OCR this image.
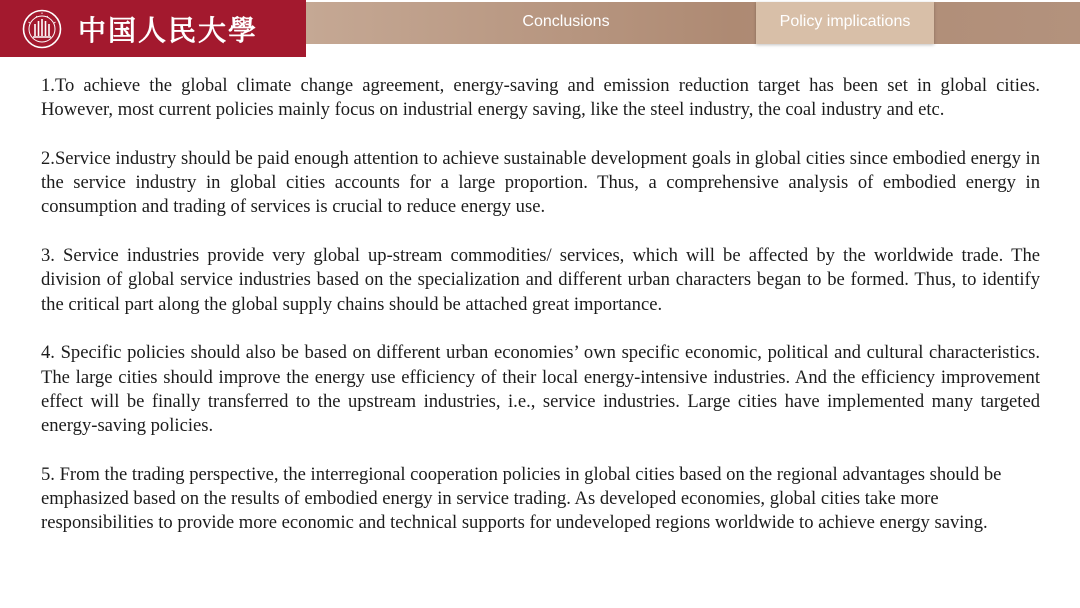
中国人民大學	Conclusions	Policy implications

1.To achieve the global climate change agreement, energy-saving and emission reduction target has been set in global cities. However, most current policies mainly focus on industrial energy saving, like the steel industry, the coal industry and etc.

2.Service industry should be paid enough attention to achieve sustainable development goals in global cities since embodied energy in the service industry in global cities accounts for a large proportion. Thus, a comprehensive analysis of embodied energy in consumption and trading of services is crucial to reduce energy use.

3. Service industries provide very global up-stream commodities/ services, which will be affected by the worldwide trade. The division of global service industries based on the specialization and different urban characters began to be formed. Thus, to identify the critical part along the global supply chains should be attached great importance.

4. Specific policies should also be based on different urban economies’ own specific economic, political and cultural characteristics. The large cities should improve the energy use efficiency of their local energy-intensive industries. And the efficiency improvement effect will be finally transferred to the upstream industries, i.e., service industries. Large cities have implemented many targeted energy-saving policies.

5. From the trading perspective, the interregional cooperation policies in global cities based on the regional advantages should be emphasized based on the results of embodied energy in service trading. As developed economies, global cities take more responsibilities to provide more economic and technical supports for undeveloped regions worldwide to achieve energy saving.
